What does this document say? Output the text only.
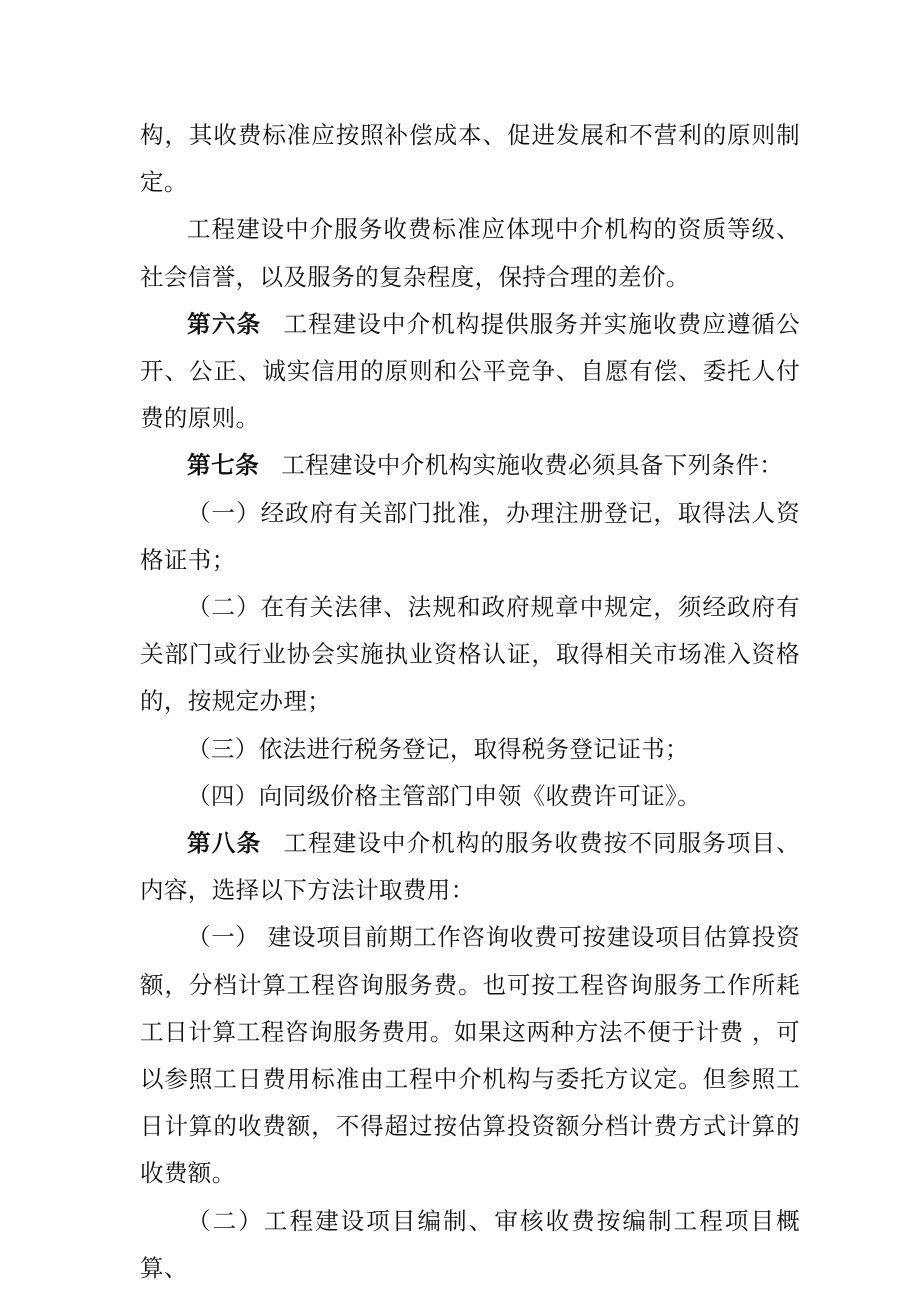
构，其收费标准应按照补偿成本、促进发展和不营利的原则制定。

工程建设中介服务收费标准应体现中介机构的资质等级、社会信誉，以及服务的复杂程度，保持合理的差价。

第六条 工程建设中介机构提供服务并实施收费应遵循公开、公正、诚实信用的原则和公平竞争、自愿有偿、委托人付费的原则。

第七条 工程建设中介机构实施收费必须具备下列条件：

（一）经政府有关部门批准，办理注册登记，取得法人资格证书；

（二）在有关法律、法规和政府规章中规定，须经政府有关部门或行业协会实施执业资格认证，取得相关市场准入资格的，按规定办理；

（三）依法进行税务登记，取得税务登记证书；

（四）向同级价格主管部门申领《收费许可证》。

第八条 工程建设中介机构的服务收费按不同服务项目、内容，选择以下方法计取费用：

（一） 建设项目前期工作咨询收费可按建设项目估算投资额，分档计算工程咨询服务费。也可按工程咨询服务工作所耗工日计算工程咨询服务费用。如果这两种方法不便于计费 ，可以参照工日费用标准由工程中介机构与委托方议定。但参照工日计算的收费额，不得超过按估算投资额分档计费方式计算的收费额。

（二）工程建设项目编制、审核收费按编制工程项目概算、
